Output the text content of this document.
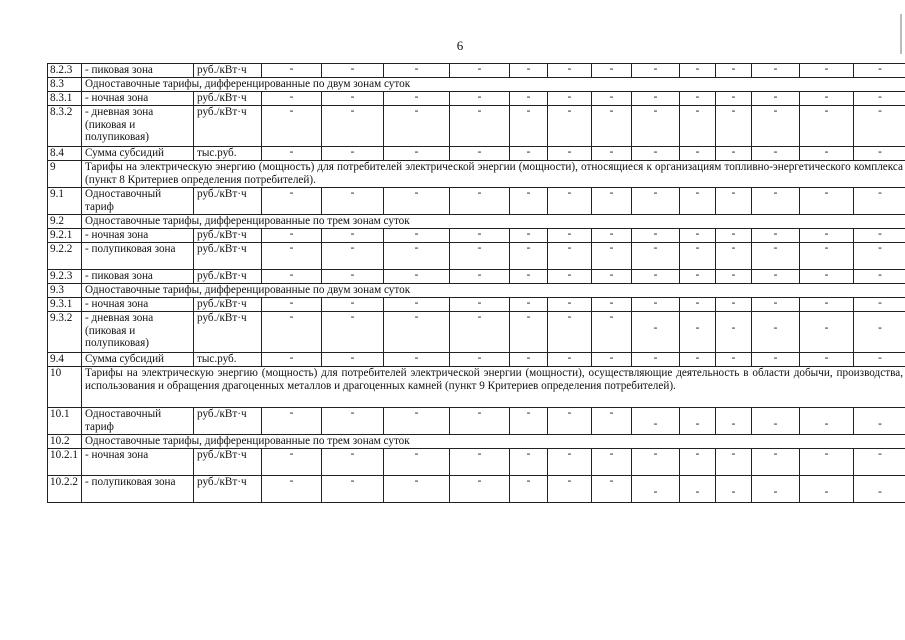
6
8.2.3	- пиковая зона	руб./кВт·ч	-	-	-	-	-	-	-	-	-	-	-	-	-
8.3	Одноставочные тарифы, дифференцированные по двум зонам суток														
8.3.1	- ночная зона	руб./кВт·ч	-	-	-	-	-	-	-	-	-	-	-	-	-
8.3.2	- дневная зона (пиковая и полупиковая)	руб./кВт·ч	-	-	-	-	-	-	-	-	-	-	-	-	-
8.4	Сумма субсидий	тыс.руб.	-	-	-	-	-	-	-	-	-	-	-	-	-
9	Тарифы на электрическую энергию (мощность) для потребителей электрической энергии (мощности), относящиеся к организациям топливно-энергетического комплекса (пункт 8 Критериев определения потребителей).														
9.1	Одноставочный тариф	руб./кВт·ч	-	-	-	-	-	-	-	-	-	-	-	-	-
9.2	Одноставочные тарифы, дифференцированные по трем зонам суток														
9.2.1	- ночная зона	руб./кВт·ч	-	-	-	-	-	-	-	-	-	-	-	-	-
9.2.2	- полупиковая зона	руб./кВт·ч	-	-	-	-	-	-	-	-	-	-	-	-	-
9.2.3	- пиковая зона	руб./кВт·ч	-	-	-	-	-	-	-	-	-	-	-	-	-
9.3	Одноставочные тарифы, дифференцированные по двум зонам суток														
9.3.1	- ночная зона	руб./кВт·ч	-	-	-	-	-	-	-	-	-	-	-	-	-
9.3.2	- дневная зона (пиковая и полупиковая)	руб./кВт·ч	-	-	-	-	-	-	-	-	-	-	-	-	-
9.4	Сумма субсидий	тыс.руб.	-	-	-	-	-	-	-	-	-	-	-	-	-
10	Тарифы на электрическую энергию (мощность) для потребителей электрической энергии (мощности), осуществляющие деятельность в области добычи, производства, использования и обращения драгоценных металлов и драгоценных камней (пункт 9 Критериев определения потребителей).														
10.1	Одноставочный тариф	руб./кВт·ч	-	-	-	-	-	-	-	-	-	-	-	-	-
10.2	Одноставочные тарифы, дифференцированные по трем зонам суток														
10.2.1	- ночная зона	руб./кВт·ч	-	-	-	-	-	-	-	-	-	-	-	-	-
10.2.2	- полупиковая зона	руб./кВт·ч	-	-	-	-	-	-	-	-	-	-	-	-	-
